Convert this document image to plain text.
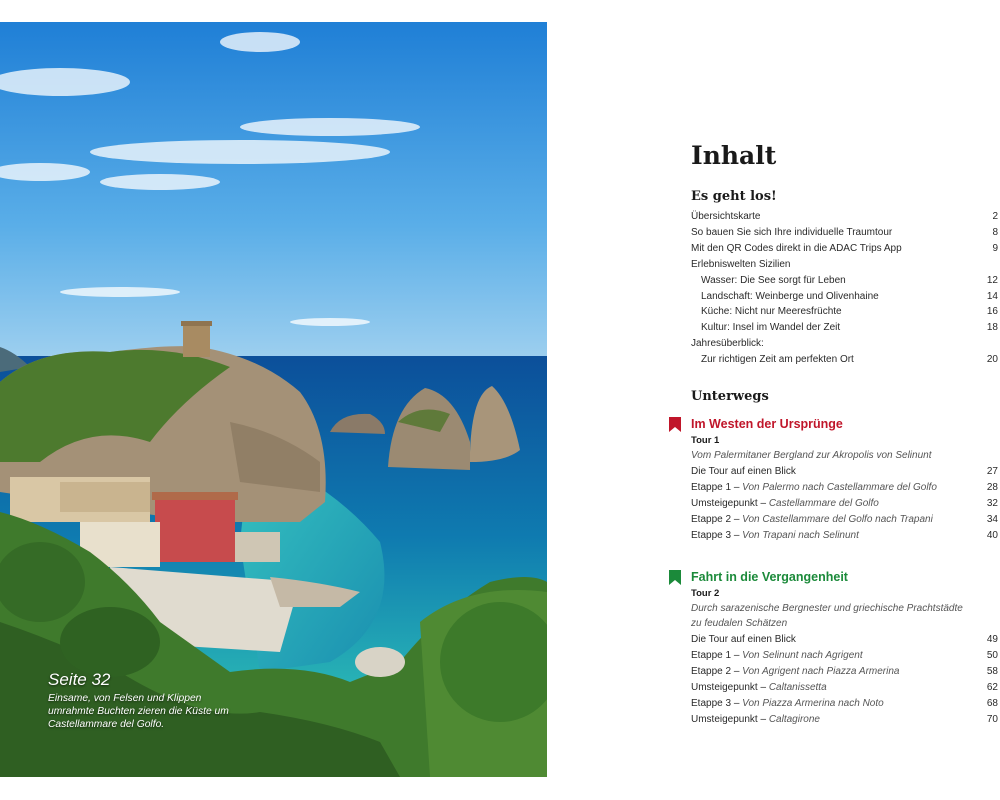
Seite 32
Einsame, von Felsen und Klippen umrahmte Buchten zieren die Küste um Castellammare del Golfo.
Inhalt
Es geht los!
Übersichtskarte	2
So bauen Sie sich Ihre individuelle Traumtour	8
Mit den QR Codes direkt in die ADAC Trips App	9
Erlebniswelten Sizilien
Wasser: Die See sorgt für Leben	12
Landschaft: Weinberge und Olivenhaine	14
Küche: Nicht nur Meeresfrüchte	16
Kultur: Insel im Wandel der Zeit	18
Jahresüberblick:
Zur richtigen Zeit am perfekten Ort	20
Unterwegs
Im Westen der Ursprünge
Tour 1
Vom Palermitaner Bergland zur Akropolis von Selinunt
Die Tour auf einen Blick	27
Etappe 1 – Von Palermo nach Castellammare del Golfo	28
Umsteigepunkt – Castellammare del Golfo	32
Etappe 2 – Von Castellammare del Golfo nach Trapani	34
Etappe 3 – Von Trapani nach Selinunt	40
Fahrt in die Vergangenheit
Tour 2
Durch sarazenische Bergnester und griechische Prachtstädte
zu feudalen Schätzen
Die Tour auf einen Blick	49
Etappe 1 – Von Selinunt nach Agrigent	50
Etappe 2 – Von Agrigent nach Piazza Armerina	58
Umsteigepunkt – Caltanissetta	62
Etappe 3 – Von Piazza Armerina nach Noto	68
Umsteigepunkt – Caltagirone	70
